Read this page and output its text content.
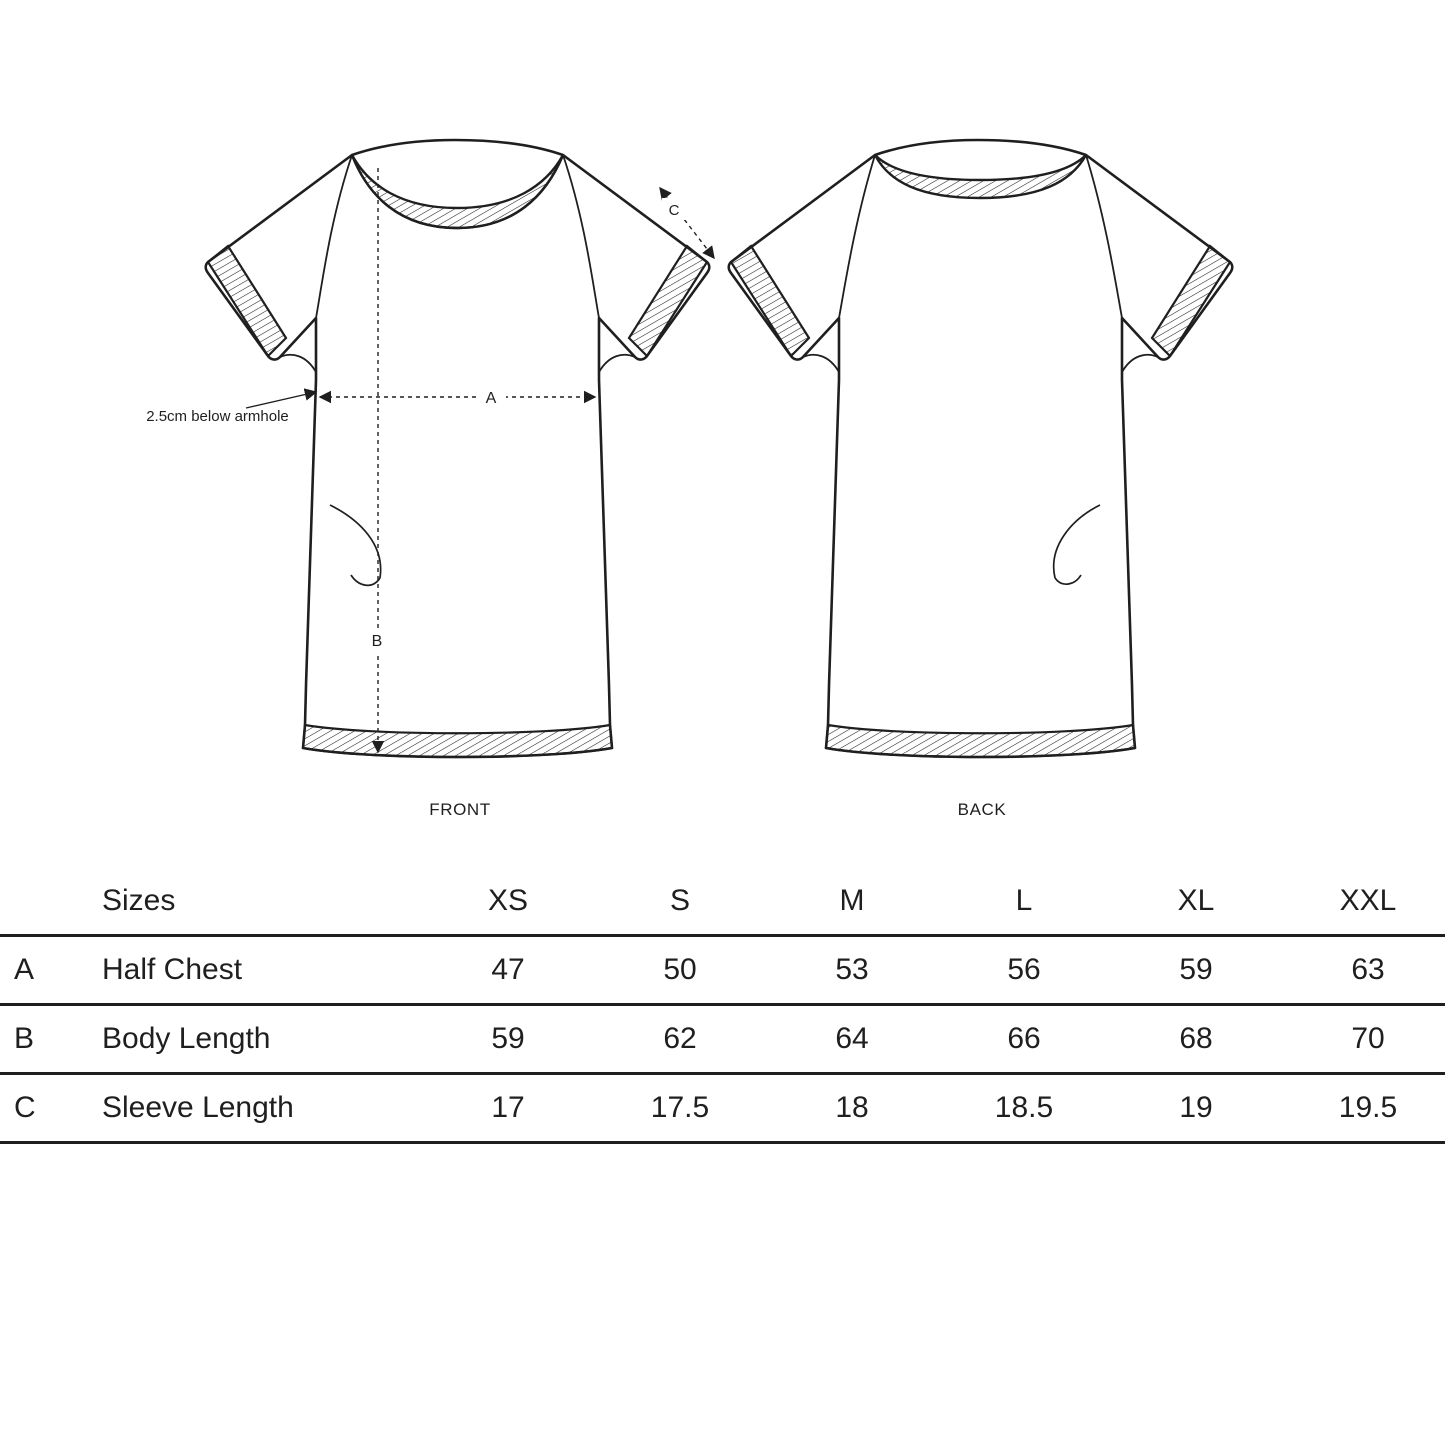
A
B
C
2.5cm below armhole
FRONT	BACK
	Sizes	XS	S	M	L	XL	XXL
A	Half Chest	47	50	53	56	59	63
B	Body Length	59	62	64	66	68	70
C	Sleeve Length	17	17.5	18	18.5	19	19.5
